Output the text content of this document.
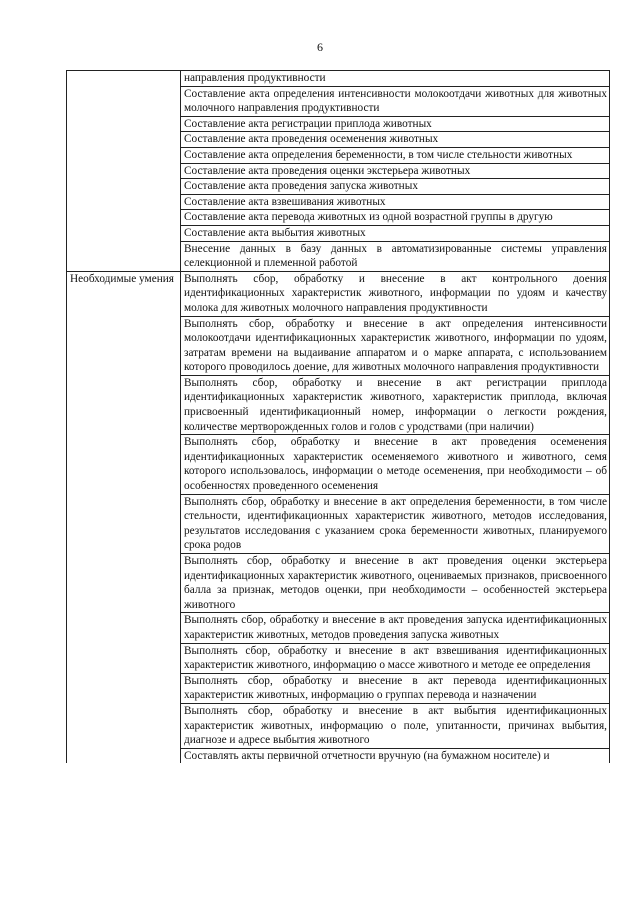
6
	направления продуктивности
	Составление акта определения интенсивности молокоотдачи животных для животных молочного направления продуктивности
	Составление акта регистрации приплода животных
	Составление акта проведения осеменения животных
	Составление акта определения беременности, в том числе стельности животных
	Составление акта проведения оценки экстерьера животных
	Составление акта проведения запуска животных
	Составление акта взвешивания животных
	Составление акта перевода животных из одной возрастной группы в другую
	Составление акта выбытия животных
	Внесение данных в базу данных в автоматизированные системы управления селекционной и племенной работой
Необходимые умения	Выполнять сбор, обработку и внесение в акт контрольного доения идентификационных характеристик животного, информации по удоям и качеству молока для животных молочного направления продуктивности
	Выполнять сбор, обработку и внесение в акт определения интенсивности молокоотдачи идентификационных характеристик животного, информации по удоям, затратам времени на выдаивание аппаратом и о марке аппарата, с использованием которого проводилось доение, для животных молочного направления продуктивности
	Выполнять сбор, обработку и внесение в акт регистрации приплода идентификационных характеристик животного, характеристик приплода, включая присвоенный идентификационный номер, информации о легкости рождения, количестве мертворожденных голов и голов с уродствами (при наличии)
	Выполнять сбор, обработку и внесение в акт проведения осеменения идентификационных характеристик осеменяемого животного и животного, семя которого использовалось, информации о методе осеменения, при необходимости – об особенностях проведенного осеменения
	Выполнять сбор, обработку и внесение в акт определения беременности, в том числе стельности, идентификационных характеристик животного, методов исследования, результатов исследования с указанием срока беременности животных, планируемого срока родов
	Выполнять сбор, обработку и внесение в акт проведения оценки экстерьера идентификационных характеристик животного, оцениваемых признаков, присвоенного балла за признак, методов оценки, при необходимости – особенностей экстерьера животного
	Выполнять сбор, обработку и внесение в акт проведения запуска идентификационных характеристик животных, методов проведения запуска животных
	Выполнять сбор, обработку и внесение в акт взвешивания идентификационных характеристик животного, информацию о массе животного и методе ее определения
	Выполнять сбор, обработку и внесение в акт перевода идентификационных характеристик животных, информацию о группах перевода и назначении
	Выполнять сбор, обработку и внесение в акт выбытия идентификационных характеристик животных, информацию о поле, упитанности, причинах выбытия, диагнозе и адресе выбытия животного
	Составлять акты первичной отчетности вручную (на бумажном носителе) и
